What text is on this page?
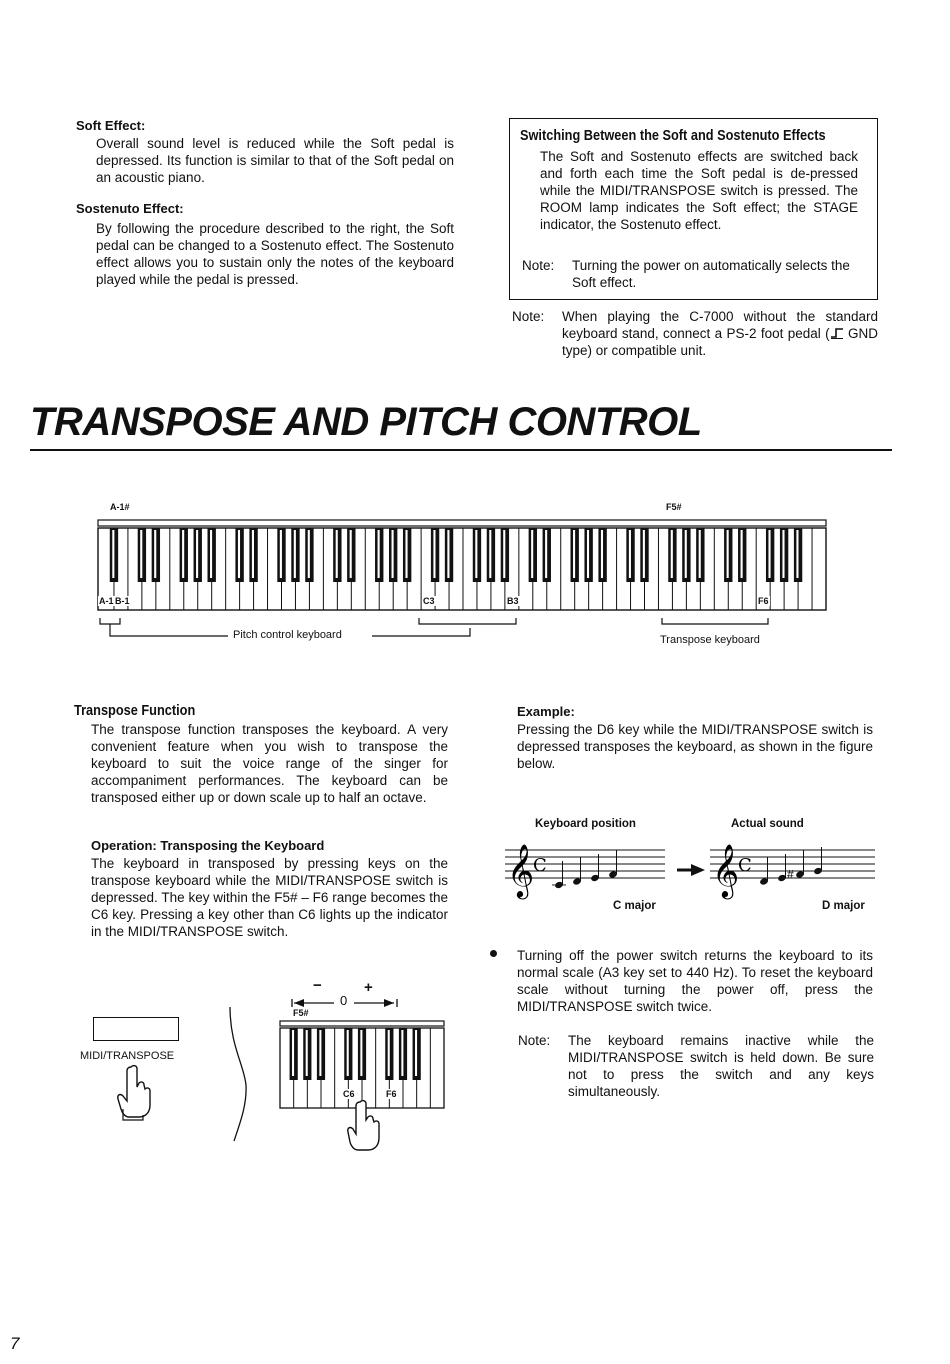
Soft Effect:
Overall sound level is reduced while the Soft pedal is depressed. Its function is similar to that of the Soft pedal on an acoustic piano.
Sostenuto Effect:
By following the procedure described to the right, the Soft pedal can be changed to a Sostenuto effect. The Sostenuto effect allows you to sustain only the notes of the keyboard played while the pedal is pressed.
Switching Between the Soft and Sostenuto Effects
The Soft and Sostenuto effects are switched back and forth each time the Soft pedal is de-pressed while the MIDI/TRANSPOSE switch is pressed. The ROOM lamp indicates the Soft effect; the STAGE indicator, the Sostenuto effect.
Note:	Turning the power on automatically selects the Soft effect.
Note:	When playing the C-7000 without the standard keyboard stand, connect a PS-2 foot pedal ( GND type) or compatible unit.
TRANSPOSE AND PITCH CONTROL
A-1#	F5#
A-1 B-1	C3	B3	F6
Pitch control keyboard	Transpose keyboard
Transpose Function
The transpose function transposes the keyboard. A very convenient feature when you wish to transpose the keyboard to suit the voice range of the singer for accompaniment performances. The keyboard can be transposed either up or down scale up to half an octave.
Operation: Transposing the Keyboard
The keyboard in transposed by pressing keys on the transpose keyboard while the MIDI/TRANSPOSE switch is depressed. The key within the F5# – F6 range becomes the C6 key. Pressing a key other than C6 lights up the indicator in the MIDI/TRANSPOSE switch.
MIDI/TRANSPOSE
−
0
+
F5#
C6	F6
Example:
Pressing the D6 key while the MIDI/TRANSPOSE switch is depressed transposes the keyboard, as shown in the figure below.
Keyboard position	Actual sound
𝄞
C	𝄞
C	#
C major	D major
Turning off the power switch returns the keyboard to its normal scale (A3 key set to 440 Hz). To reset the keyboard scale without turning the power off, press the MIDI/TRANSPOSE switch twice.
Note:	The keyboard remains inactive while the MIDI/TRANSPOSE switch is held down. Be sure not to press the switch and any keys simultaneously.
7
